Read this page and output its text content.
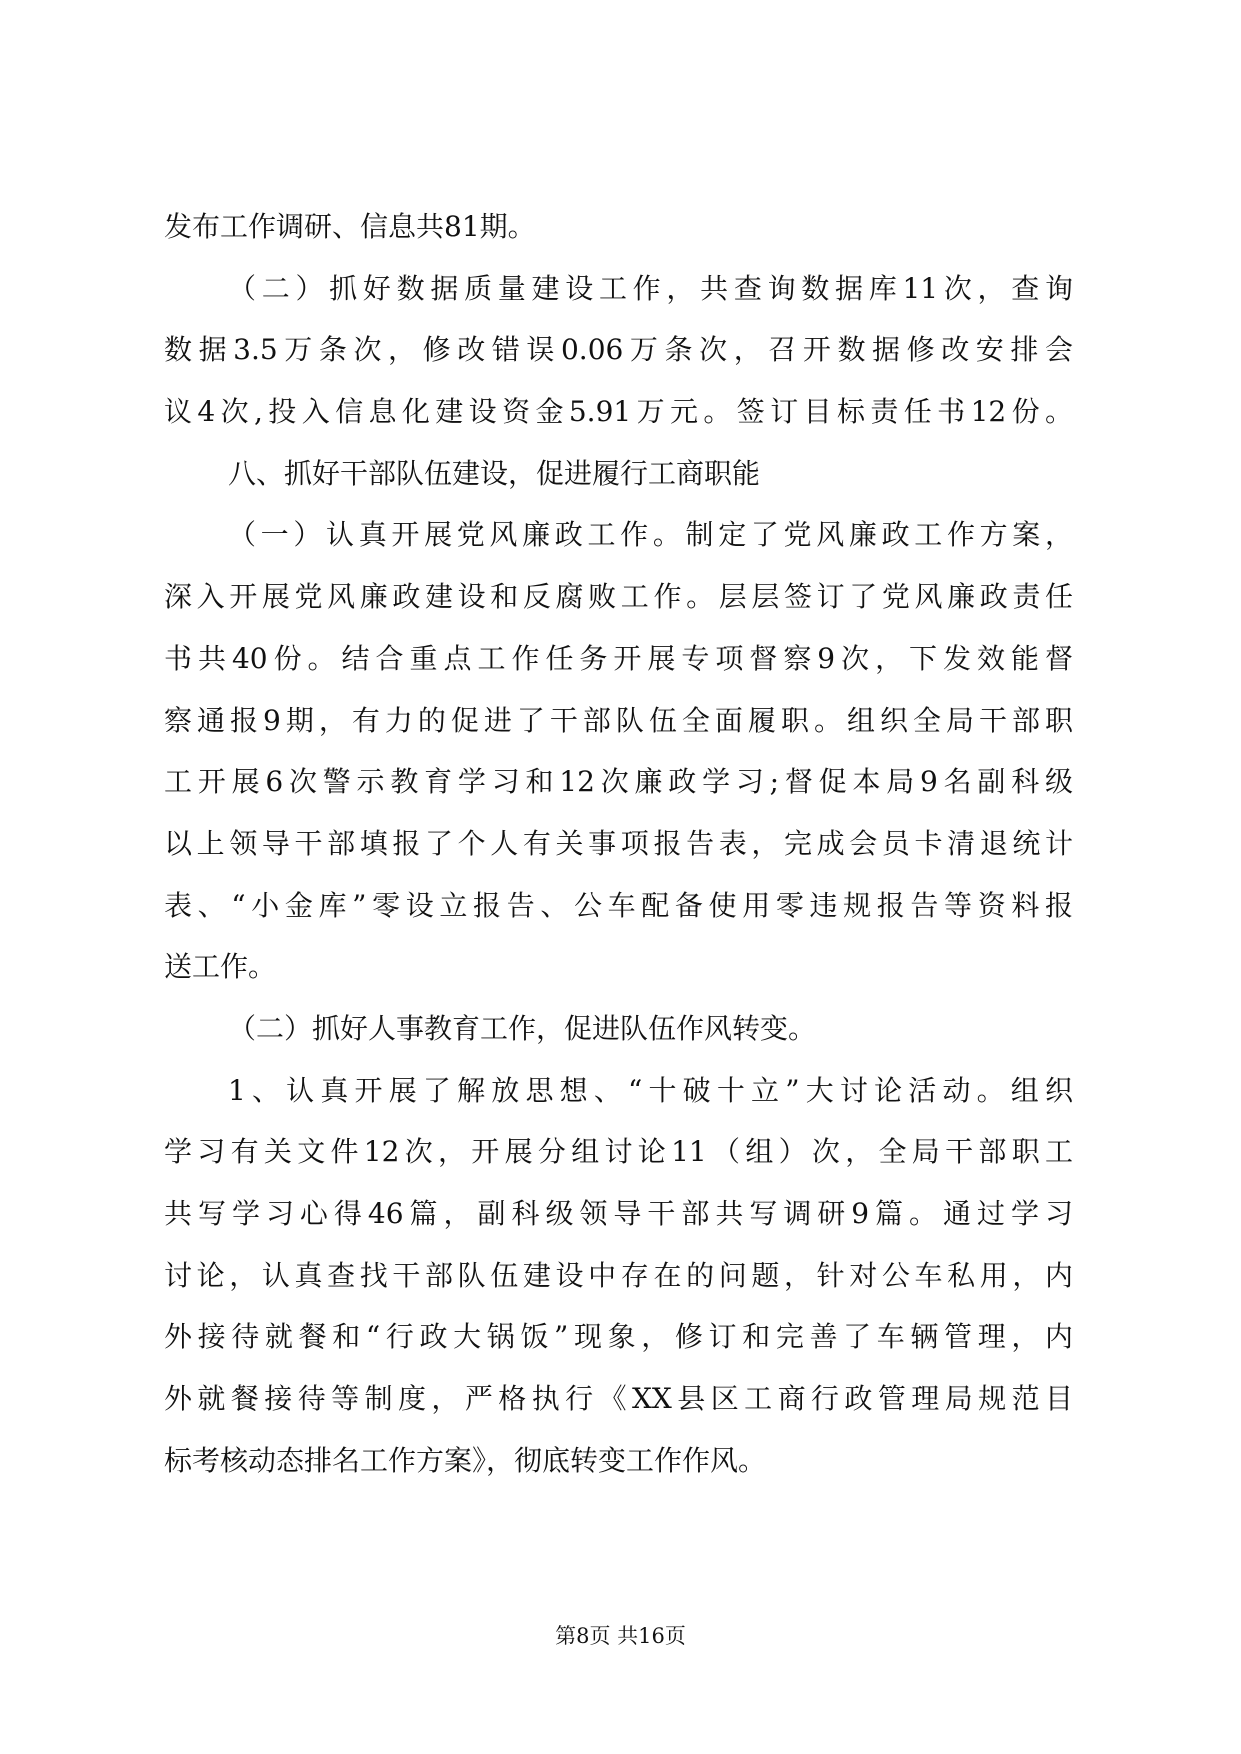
发布工作调研、信息共81期。
（二）抓好数据质量建设工作，共查询数据库11次，查询
数据3.5万条次，修改错误0.06万条次，召开数据修改安排会
议4次,投入信息化建设资金5.91万元。签订目标责任书12份。
八、抓好干部队伍建设，促进履行工商职能
（一）认真开展党风廉政工作。制定了党风廉政工作方案，
深入开展党风廉政建设和反腐败工作。层层签订了党风廉政责任
书共40份。结合重点工作任务开展专项督察9次，下发效能督
察通报9期，有力的促进了干部队伍全面履职。组织全局干部职
工开展6次警示教育学习和12次廉政学习;督促本局9名副科级
以上领导干部填报了个人有关事项报告表，完成会员卡清退统计
表、“小金库”零设立报告、公车配备使用零违规报告等资料报
送工作。
（二）抓好人事教育工作，促进队伍作风转变。
1、认真开展了解放思想、“十破十立”大讨论活动。组织
学习有关文件12次，开展分组讨论11（组）次，全局干部职工
共写学习心得46篇，副科级领导干部共写调研9篇。通过学习
讨论，认真查找干部队伍建设中存在的问题，针对公车私用，内
外接待就餐和“行政大锅饭”现象，修订和完善了车辆管理，内
外就餐接待等制度，严格执行《XX县区工商行政管理局规范目
标考核动态排名工作方案》，彻底转变工作作风。
第8页 共16页
